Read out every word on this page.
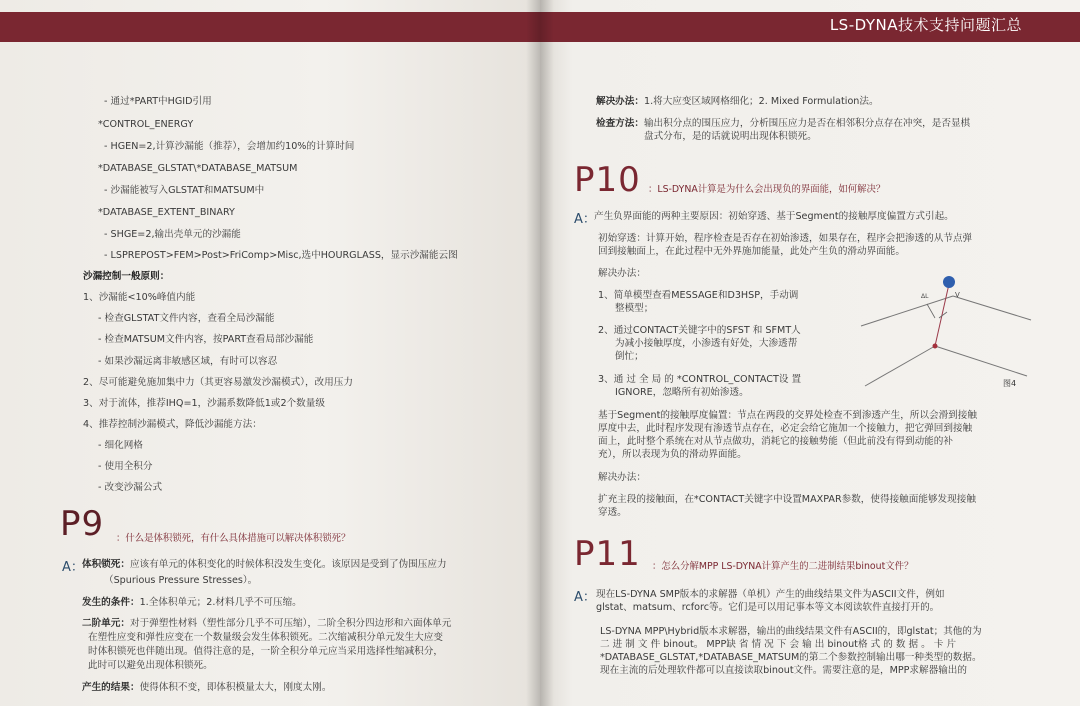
- 通过*PART中HGID引用
*CONTROL_ENERGY
- HGEN=2,计算沙漏能（推荐），会增加约10%的计算时间
*DATABASE_GLSTAT\*DATABASE_MATSUM
- 沙漏能被写入GLSTAT和MATSUM中
*DATABASE_EXTENT_BINARY
- SHGE=2,输出壳单元的沙漏能
- LSPREPOST>FEM>Post>FriComp>Misc,选中HOURGLASS，显示沙漏能云图
沙漏控制一般原则：
1、沙漏能<10%峰值内能
- 检查GLSTAT文件内容，查看全局沙漏能
- 检查MATSUM文件内容，按PART查看局部沙漏能
- 如果沙漏远离非敏感区域，有时可以容忍
2、尽可能避免施加集中力（其更容易激发沙漏模式），改用压力
3、对于流体，推荐IHQ=1，沙漏系数降低1或2个数量级
4、推荐控制沙漏模式，降低沙漏能方法：
- 细化网格
- 使用全积分
- 改变沙漏公式
P9 ：什么是体积锁死，有什么具体措施可以解决体积锁死？
A：
体积锁死：应该有单元的体积变化的时候体积没发生变化。该原因是受到了伪围压应力
（Spurious Pressure Stresses）。
发生的条件：1.全体积单元；2.材料几乎不可压缩。
二阶单元：对于弹塑性材料（塑性部分几乎不可压缩），二阶全积分四边形和六面体单元
在塑性应变和弹性应变在一个数量级会发生体积锁死。二次缩减积分单元发生大应变
时体积锁死也伴随出现。值得注意的是，一阶全积分单元应当采用选择性缩减积分，
此时可以避免出现体积锁死。
产生的结果：使得体积不变，即体积模量太大，刚度太刚。
LS-DYNA技术支持问题汇总
解决办法：1.将大应变区域网格细化；2. Mixed Formulation法。
检查方法：输出积分点的围压应力，分析围压应力是否在相邻积分点存在冲突，是否显棋
盘式分布，是的话就说明出现体积锁死。
P10 ：LS-DYNA计算是为什么会出现负的界面能，如何解决？
A：
产生负界面能的两种主要原因：初始穿透、基于Segment的接触厚度偏置方式引起。
初始穿透：计算开始，程序检查是否存在初始渗透，如果存在，程序会把渗透的从节点弹
回到接触面上，在此过程中无外界施加能量，此处产生负的滑动界面能。
解决办法：
1、简单模型查看MESSAGE和D3HSP，手动调
整模型；
2、通过CONTACT关键字中的SFST 和 SFMT人
为减小接触厚度，小渗透有好处，大渗透帮
倒忙；
3、通 过 全 局 的 *CONTROL_CONTACT设 置
IGNORE，忽略所有初始渗透。
V
ΔL
图4
基于Segment的接触厚度偏置：节点在两段的交界处检查不到渗透产生，所以会滑到接触
厚度中去，此时程序发现有渗透节点存在，必定会给它施加一个接触力，把它弹回到接触
面上，此时整个系统在对从节点做功，消耗它的接触势能（但此前没有得到动能的补
充），所以表现为负的滑动界面能。
解决办法：
扩充主段的接触面，在*CONTACT关键字中设置MAXPAR参数，使得接触面能够发现接触
穿透。
P11 ：怎么分解MPP LS-DYNA计算产生的二进制结果binout文件？
A： 现在LS-DYNA SMP版本的求解器（单机）产生的曲线结果文件为ASCII文件，例如
glstat、matsum、rcforc等。它们是可以用记事本等文本阅读软件直接打开的。
LS-DYNA MPP\Hybrid版本求解器，输出的曲线结果文件有ASCII的，即glstat；其他的为
二 进 制 文 件 binout。 MPP缺 省 情 况 下 会 输 出 binout格 式 的 数 据 。 卡 片
*DATABASE_GLSTAT,*DATABASE_MATSUM的第二个参数控制输出哪一种类型的数据。
现在主流的后处理软件都可以直接读取binout文件。需要注意的是，MPP求解器输出的
